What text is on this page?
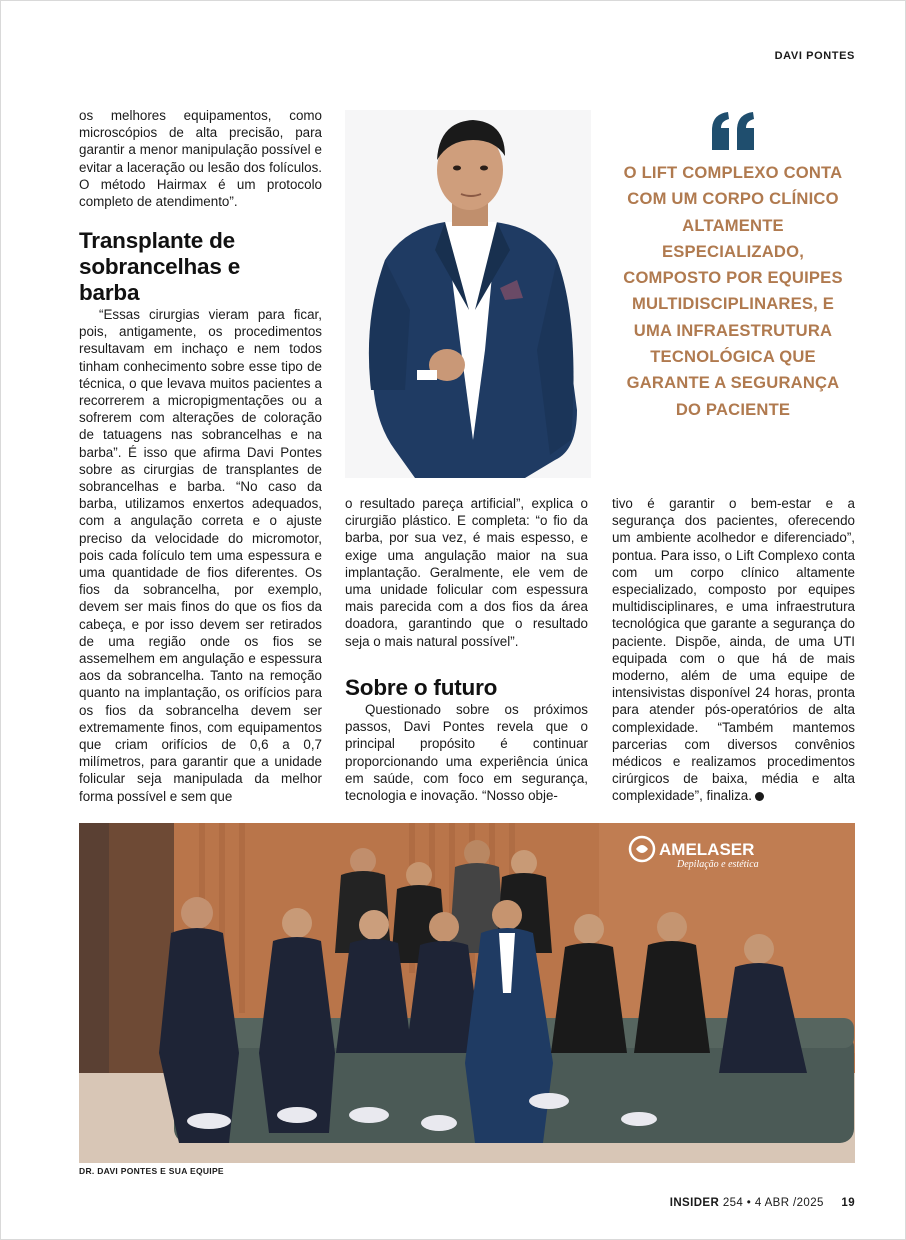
DAVI PONTES

os melhores equipamentos, como microscópios de alta precisão, para garantir a menor manipulação possível e evitar a laceração ou lesão dos folículos. O método Hairmax é um protocolo completo de atendimento”.

Transplante de sobrancelhas e barba

“Essas cirurgias vieram para ficar, pois, antigamente, os procedimentos resultavam em inchaço e nem todos tinham conhecimento sobre esse tipo de técnica, o que levava muitos pacientes a recorrerem a micropigmentações ou a sofrerem com alterações de coloração de tatuagens nas sobrancelhas e na barba”. É isso que afirma Davi Pontes sobre as cirurgias de transplantes de sobrancelhas e barba. “No caso da barba, utilizamos enxertos adequados, com a angulação correta e o ajuste preciso da velocidade do micromotor, pois cada folículo tem uma espessura e uma quantidade de fios diferentes. Os fios da sobrancelha, por exemplo, devem ser mais finos do que os fios da cabeça, e por isso devem ser retirados de uma região onde os fios se assemelhem em angulação e espessura aos da sobrancelha. Tanto na remoção quanto na implantação, os orifícios para os fios da sobrancelha devem ser extremamente finos, com equipamentos que criam orifícios de 0,6 a 0,7 milímetros, para garantir que a unidade folicular seja manipulada da melhor forma possível e sem que

o resultado pareça artificial”, explica o cirurgião plástico. E completa: “o fio da barba, por sua vez, é mais espesso, e exige uma angulação maior na sua implantação. Geralmente, ele vem de uma unidade folicular com espessura mais parecida com a dos fios da área doadora, garantindo que o resultado seja o mais natural possível”.

Sobre o futuro

Questionado sobre os próximos passos, Davi Pontes revela que o principal propósito é continuar proporcionando uma experiência única em saúde, com foco em segurança, tecnologia e inovação. “Nosso obje-

O LIFT COMPLEXO CONTA COM UM CORPO CLÍNICO ALTAMENTE ESPECIALIZADO, COMPOSTO POR EQUIPES MULTIDISCIPLINARES, E UMA INFRAESTRUTURA TECNOLÓGICA QUE GARANTE A SEGURANÇA DO PACIENTE

tivo é garantir o bem-estar e a segurança dos pacientes, oferecendo um ambiente acolhedor e diferenciado”, pontua. Para isso, o Lift Complexo conta com um corpo clínico altamente especializado, composto por equipes multidisciplinares, e uma infraestrutura tecnológica que garante a segurança do paciente. Dispõe, ainda, de uma UTI equipada com o que há de mais moderno, além de uma equipe de intensivistas disponível 24 horas, pronta para atender pós-operatórios de alta complexidade. “Também mantemos parcerias com diversos convênios médicos e realizamos procedimentos cirúrgicos de baixa, média e alta complexidade”, finaliza.

AMELASER
Depilação e estética
DR. DAVI PONTES E SUA EQUIPE
INSIDER 254 • 4 ABR /2025 19
